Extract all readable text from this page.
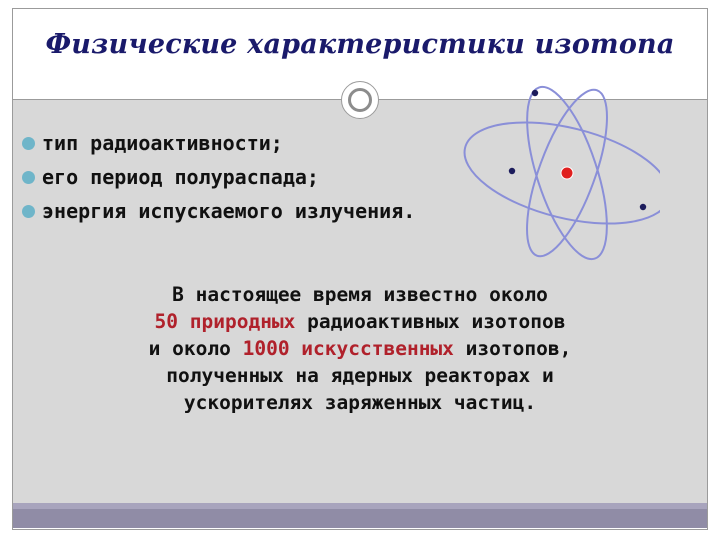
Физические характеристики изотопа
тип радиоактивности;
его период полураспада;
энергия испускаемого излучения.
В настоящее время известно около
50 природных радиоактивных изотопов
и около 1000 искусственных изотопов,
полученных на ядерных реакторах и
ускорителях заряженных частиц.
